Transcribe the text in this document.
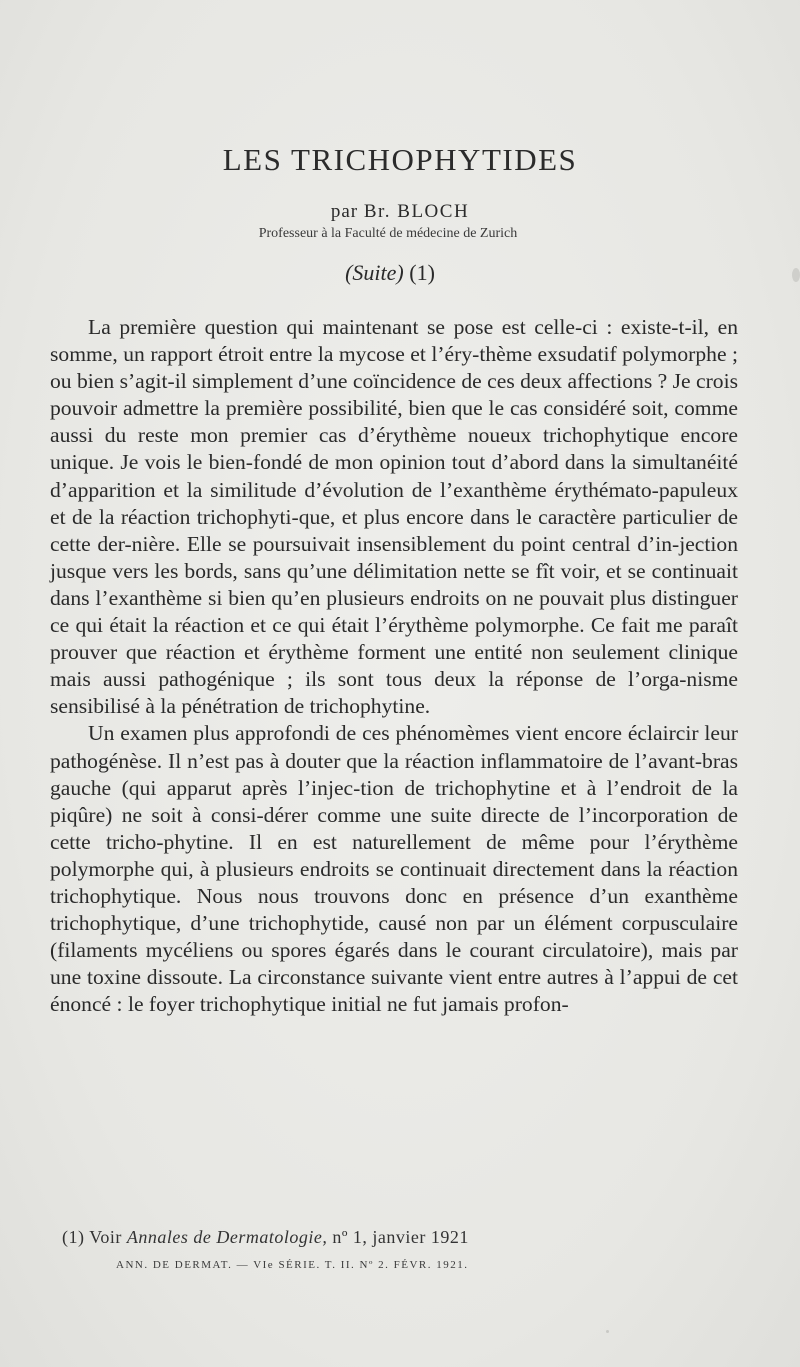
LES TRICHOPHYTIDES
par Br. BLOCH
Professeur à la Faculté de médecine de Zurich
(Suite) (1)

La première question qui maintenant se pose est celle-ci : existe-t-il, en somme, un rapport étroit entre la mycose et l’éry-thème exsudatif polymorphe ; ou bien s’agit-il simplement d’une coïncidence de ces deux affections ? Je crois pouvoir admettre la première possibilité, bien que le cas considéré soit, comme aussi du reste mon premier cas d’érythème noueux trichophytique encore unique. Je vois le bien-fondé de mon opinion tout d’abord dans la simultanéité d’apparition et la similitude d’évolution de l’exanthème érythémato-papuleux et de la réaction trichophyti-que, et plus encore dans le caractère particulier de cette der-nière. Elle se poursuivait insensiblement du point central d’in-jection jusque vers les bords, sans qu’une délimitation nette se fît voir, et se continuait dans l’exanthème si bien qu’en plusieurs endroits on ne pouvait plus distinguer ce qui était la réaction et ce qui était l’érythème polymorphe. Ce fait me paraît prouver que réaction et érythème forment une entité non seulement clinique mais aussi pathogénique ; ils sont tous deux la réponse de l’orga-nisme sensibilisé à la pénétration de trichophytine.

Un examen plus approfondi de ces phénomèmes vient encore éclaircir leur pathogénèse. Il n’est pas à douter que la réaction inflammatoire de l’avant-bras gauche (qui apparut après l’injec-tion de trichophytine et à l’endroit de la piqûre) ne soit à consi-dérer comme une suite directe de l’incorporation de cette tricho-phytine. Il en est naturellement de même pour l’érythème polymorphe qui, à plusieurs endroits se continuait directement dans la réaction trichophytique. Nous nous trouvons donc en présence d’un exanthème trichophytique, d’une trichophytide, causé non par un élément corpusculaire (filaments mycéliens ou spores égarés dans le courant circulatoire), mais par une toxine dissoute. La circonstance suivante vient entre autres à l’appui de cet énoncé : le foyer trichophytique initial ne fut jamais profon-

(1) Voir Annales de Dermatologie, nº 1, janvier 1921
ANN. DE DERMAT. — VIe SÉRIE. T. II. Nº 2. FÉVR. 1921.
